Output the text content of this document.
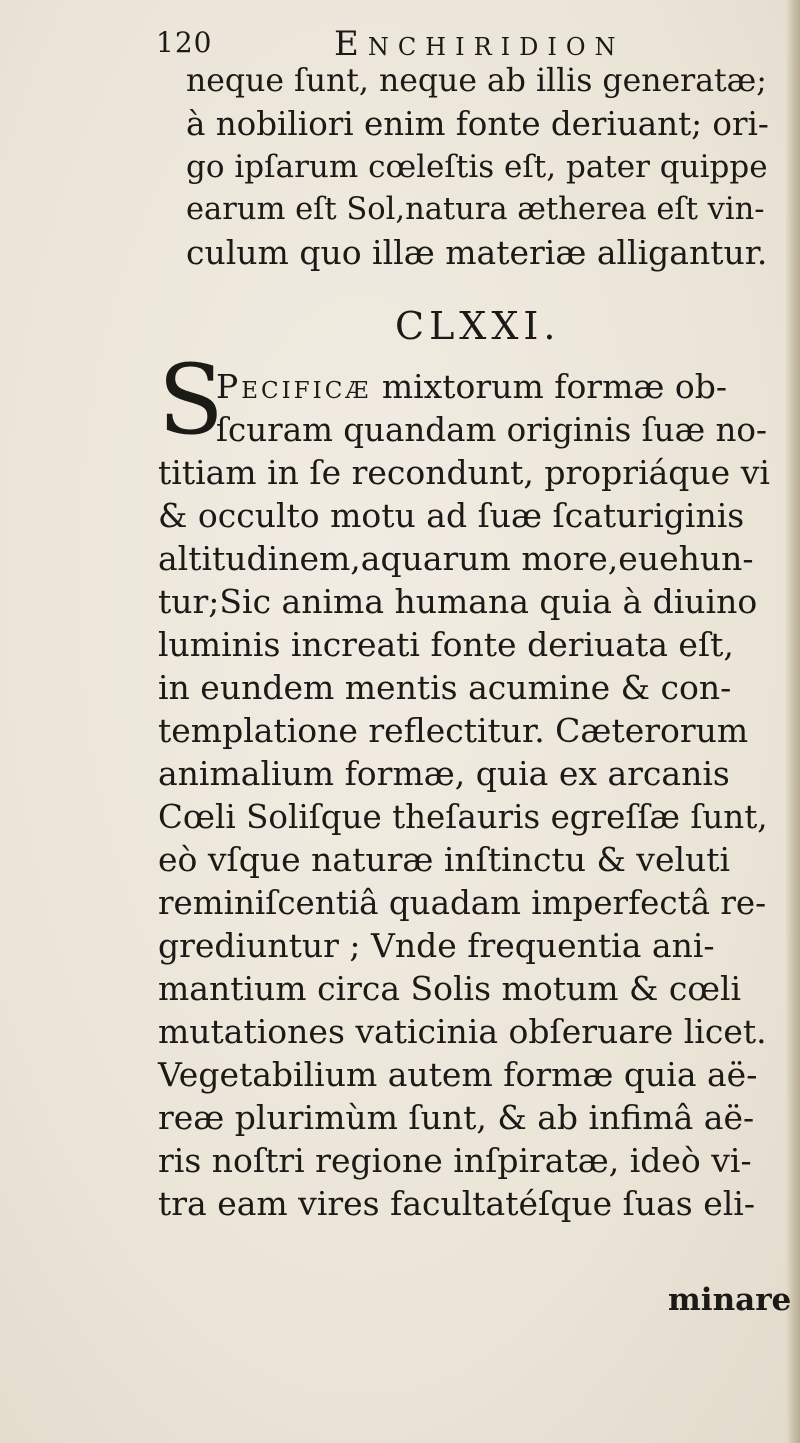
120	Enchiridion
neque ſunt, neque ab illis generatæ;
à nobiliori enim fonte deriuant; ori-
go ipſarum cœleſtis eſt, pater quippe
earum eſt Sol,natura ætherea eſt vin-
culum quo illæ materiæ alligantur.
CLXXI.
S
Pecificæ mixtorum formæ ob-
ſcuram quandam originis ſuæ no-
titiam in ſe recondunt, propriáque vi
& occulto motu ad ſuæ ſcaturiginis
altitudinem,aquarum more,euehun-
tur;Sic anima humana quia à diuino
luminis increati fonte deriuata eſt,
in eundem mentis acumine & con-
templatione reflectitur. Cæterorum
animalium formæ, quia ex arcanis
Cœli Soliſque theſauris egreſſæ ſunt,
eò vſque naturæ inſtinctu & veluti
reminiſcentiâ quadam imperfectâ re-
grediuntur ; Vnde frequentia ani-
mantium circa Solis motum & cœli
mutationes vaticinia obſeruare licet.
Vegetabilium autem formæ quia aë-
reæ plurimùm ſunt, & ab infimâ aë-
ris noſtri regione inſpiratæ, ideò vi-
tra eam vires facultatéſque ſuas eli-
minare
